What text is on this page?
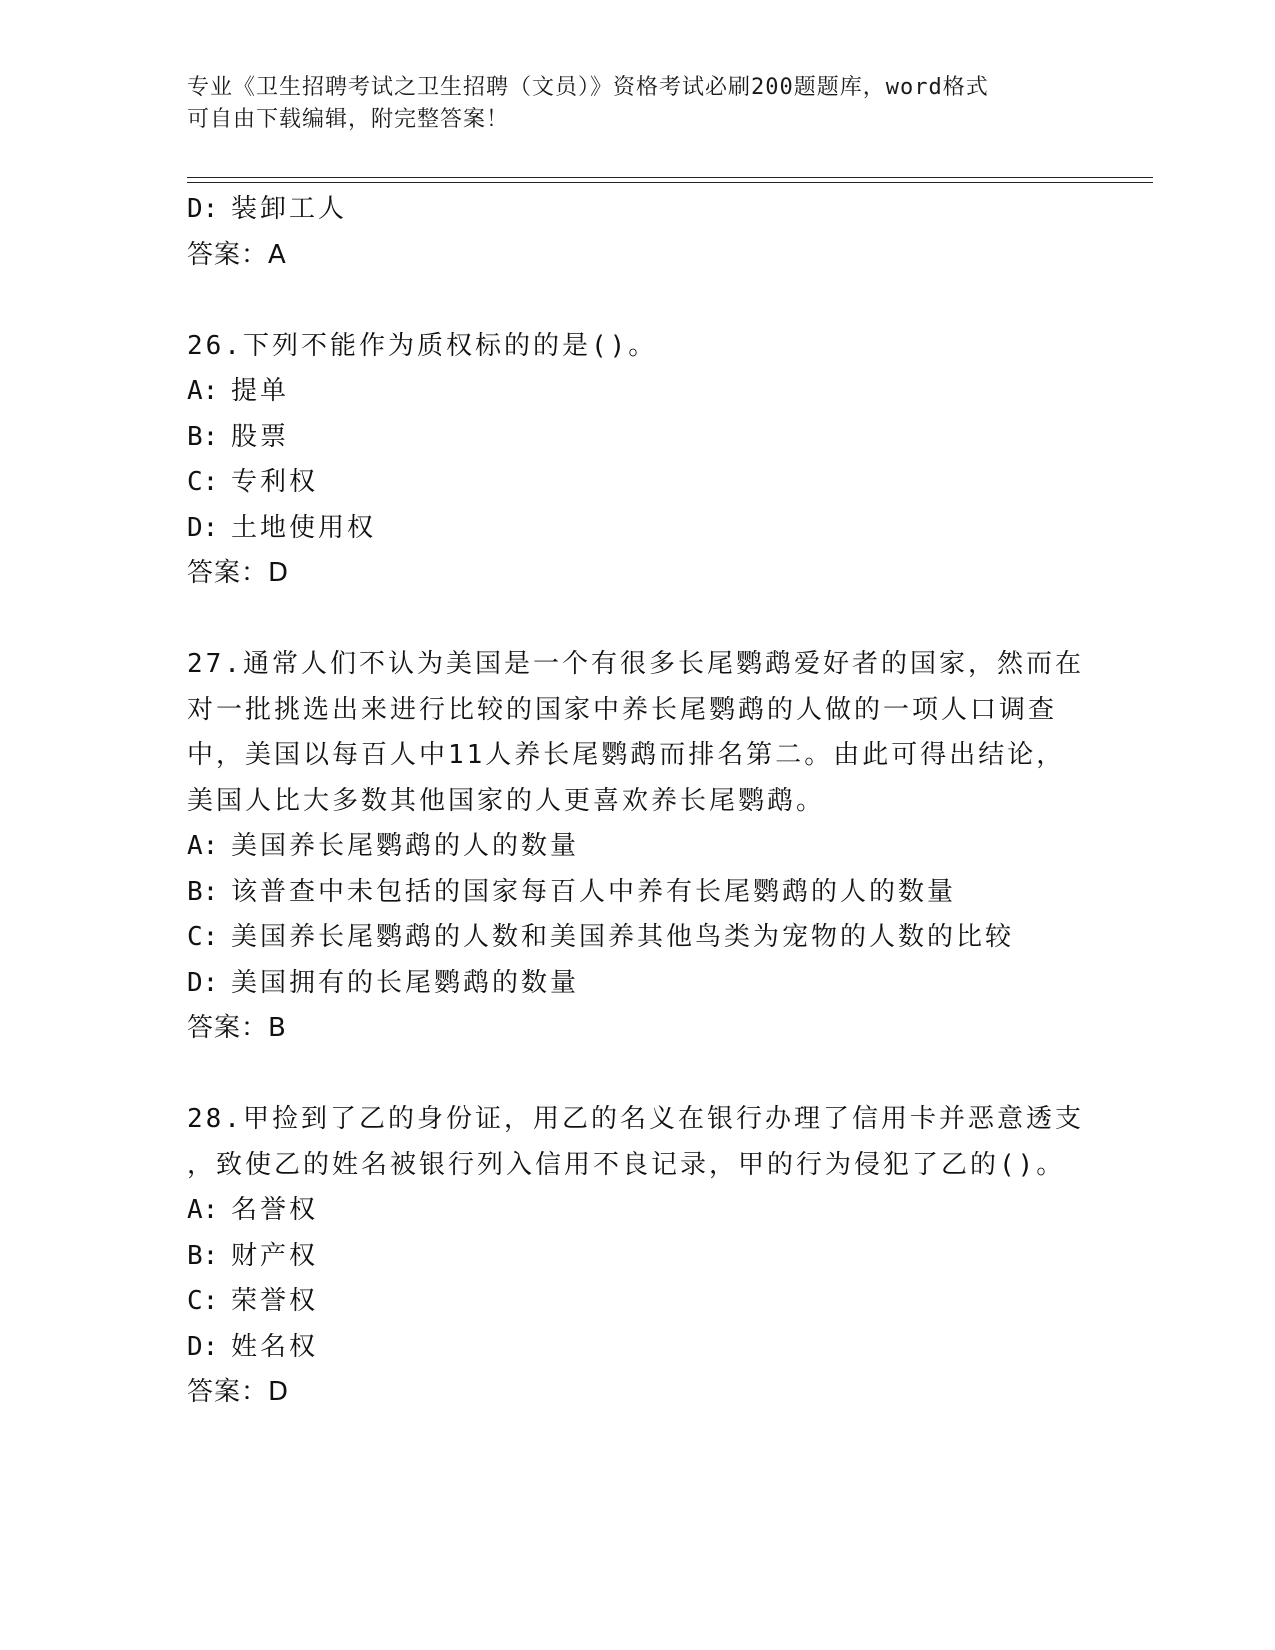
专业《卫生招聘考试之卫生招聘（文员）》资格考试必刷200题题库，word格式
可自由下载编辑，附完整答案！
D: 装卸工人
答案：A
26.下列不能作为质权标的的是()。
A: 提单
B: 股票
C: 专利权
D: 土地使用权
答案：D
27.通常人们不认为美国是一个有很多长尾鹦鹉爱好者的国家，然而在
对一批挑选出来进行比较的国家中养长尾鹦鹉的人做的一项人口调查
中，美国以每百人中11人养长尾鹦鹉而排名第二。由此可得出结论，
美国人比大多数其他国家的人更喜欢养长尾鹦鹉。
A: 美国养长尾鹦鹉的人的数量
B: 该普查中未包括的国家每百人中养有长尾鹦鹉的人的数量
C: 美国养长尾鹦鹉的人数和美国养其他鸟类为宠物的人数的比较
D: 美国拥有的长尾鹦鹉的数量
答案：B
28.甲捡到了乙的身份证，用乙的名义在银行办理了信用卡并恶意透支
，致使乙的姓名被银行列入信用不良记录，甲的行为侵犯了乙的()。
A: 名誉权
B: 财产权
C: 荣誉权
D: 姓名权
答案：D
